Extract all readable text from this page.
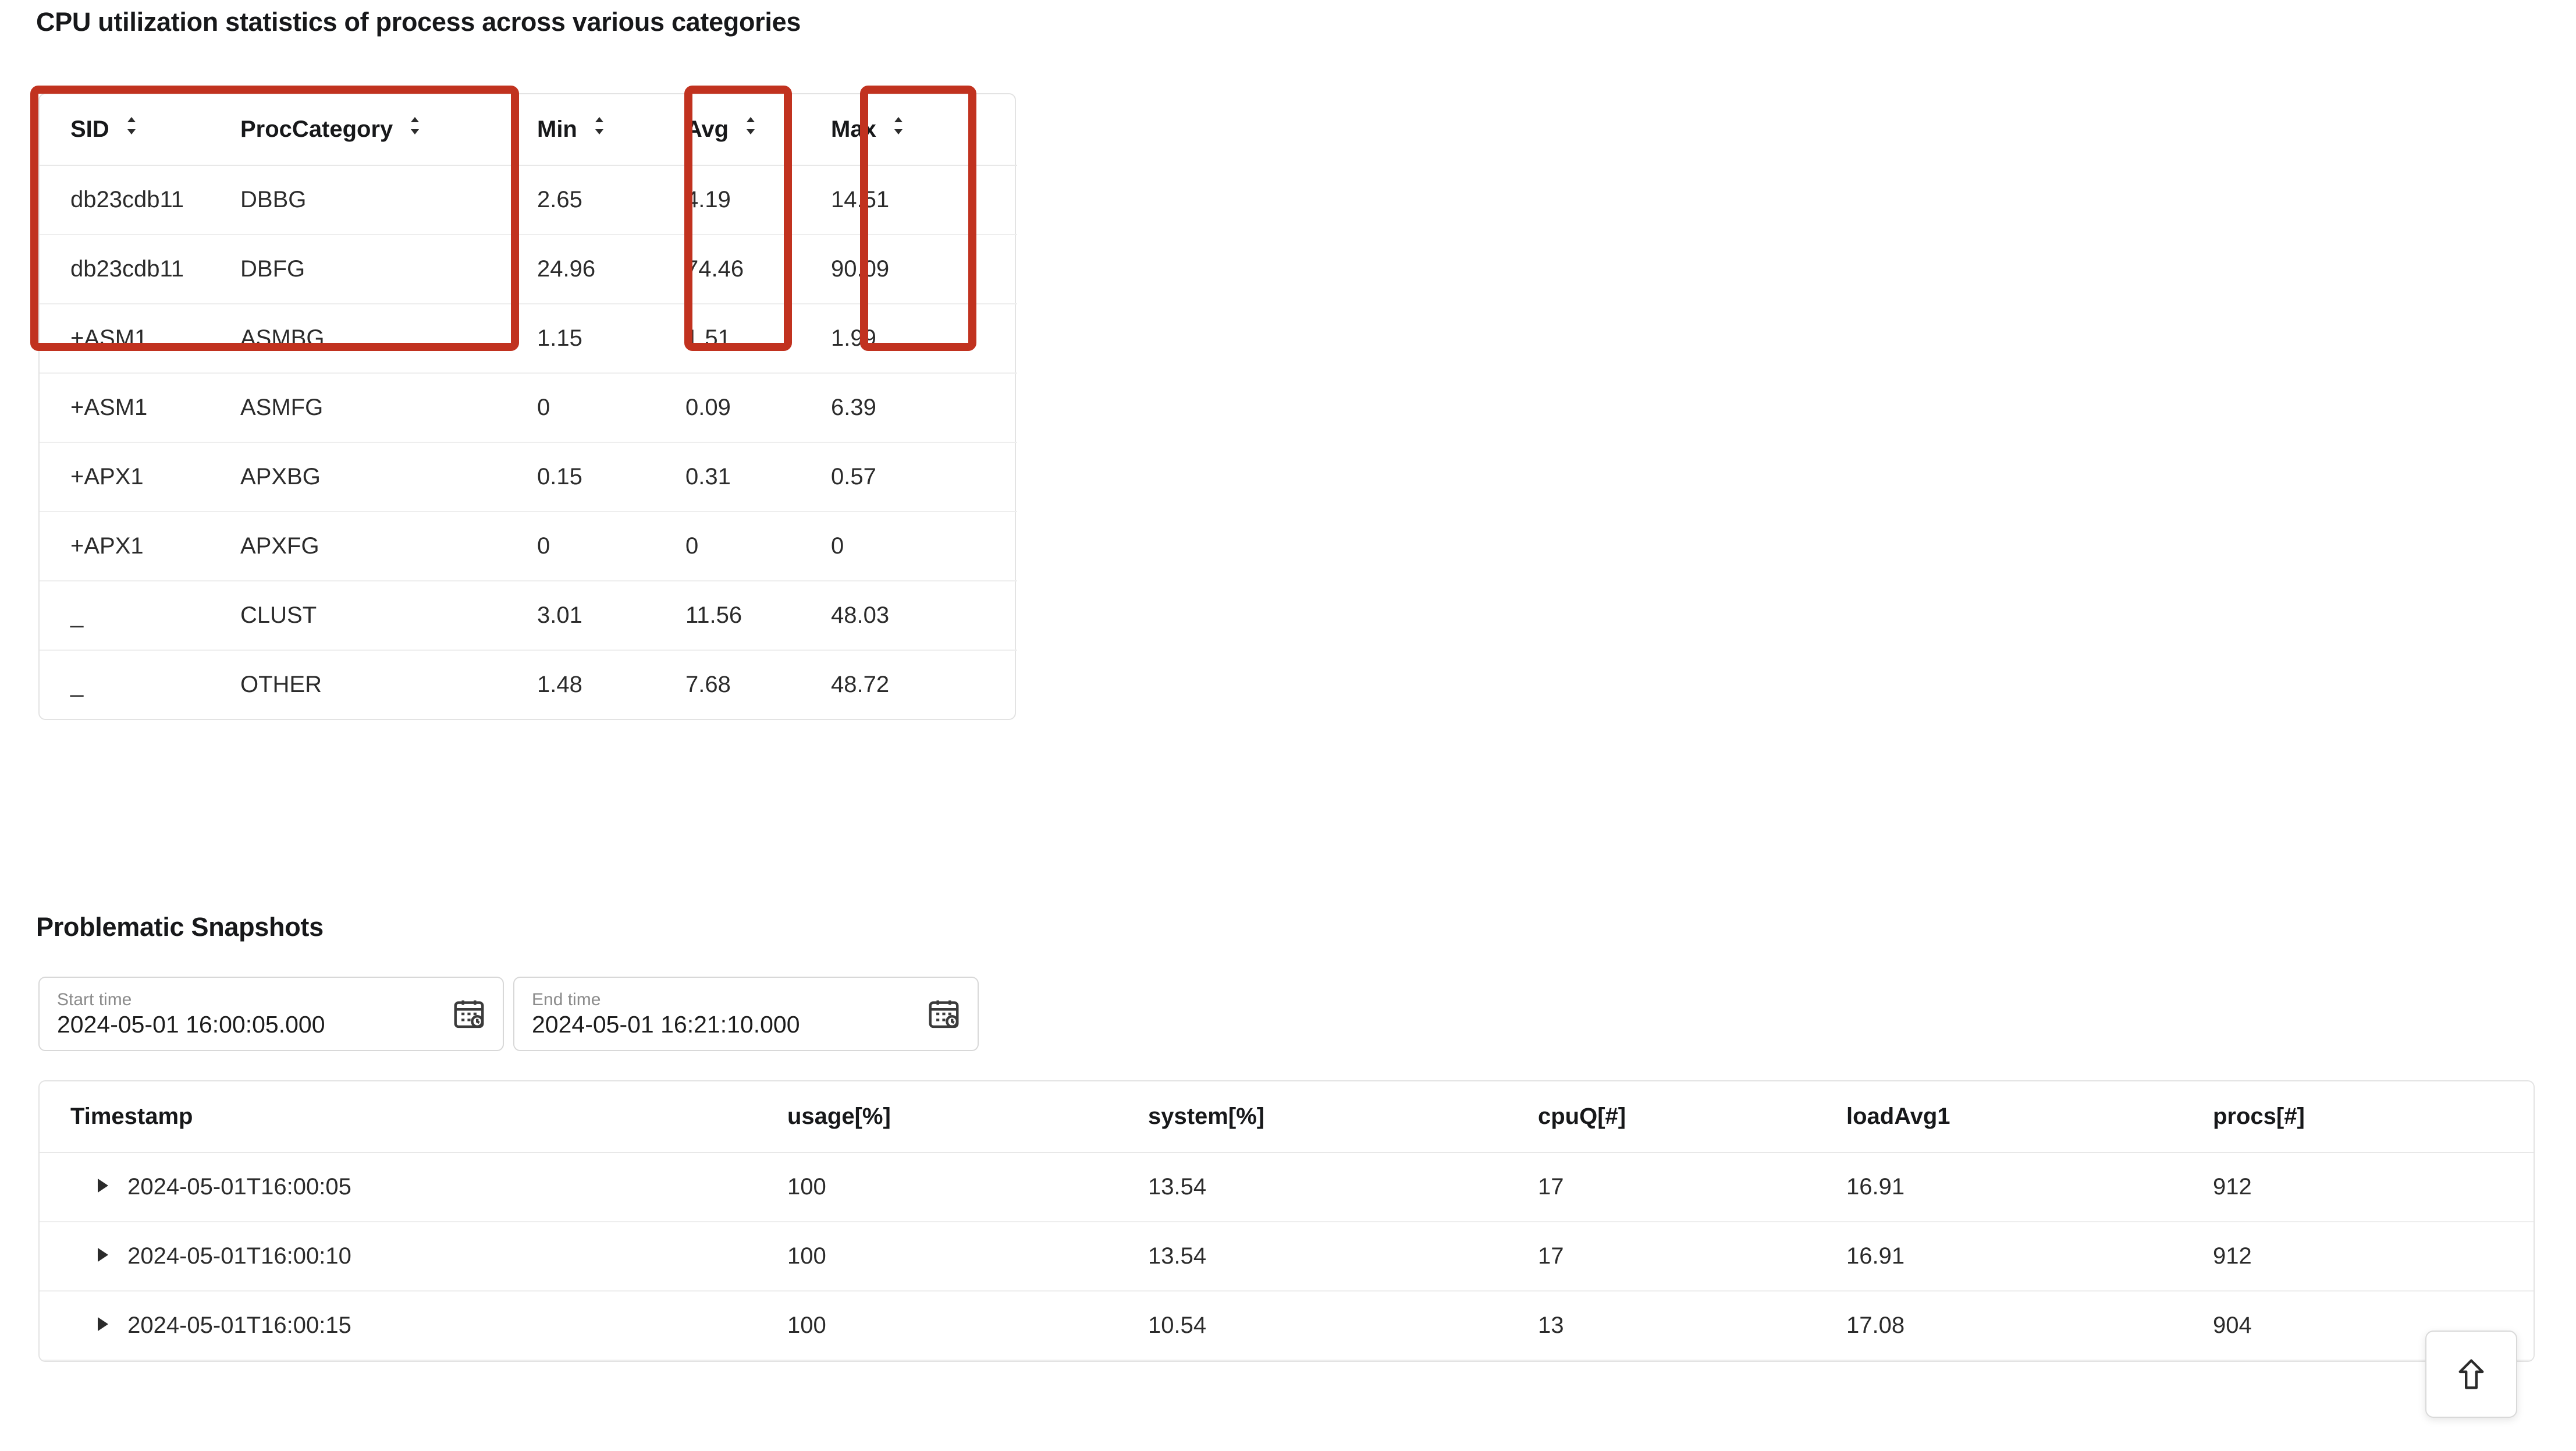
CPU utilization statistics of process across various categories
SID	ProcCategory	Min	Avg	Max

db23cdb11	DBBG	2.65	4.19	14.51
db23cdb11	DBFG	24.96	74.46	90.09
+ASM1	ASMBG	1.15	1.51	1.99
+ASM1	ASMFG	0	0.09	6.39
+APX1	APXBG	0.15	0.31	0.57
+APX1	APXFG	0	0	0
_	CLUST	3.01	11.56	48.03
_	OTHER	1.48	7.68	48.72
Problematic Snapshots
Start time
2024-05-01 16:00:05.000
End time
2024-05-01 16:21:10.000
Timestamp	usage[%]	system[%]	cpuQ[#]	loadAvg1	procs[#]
2024-05-01T16:00:05	100	13.54	17	16.91	912
2024-05-01T16:00:10	100	13.54	17	16.91	912
2024-05-01T16:00:15	100	10.54	13	17.08	904
